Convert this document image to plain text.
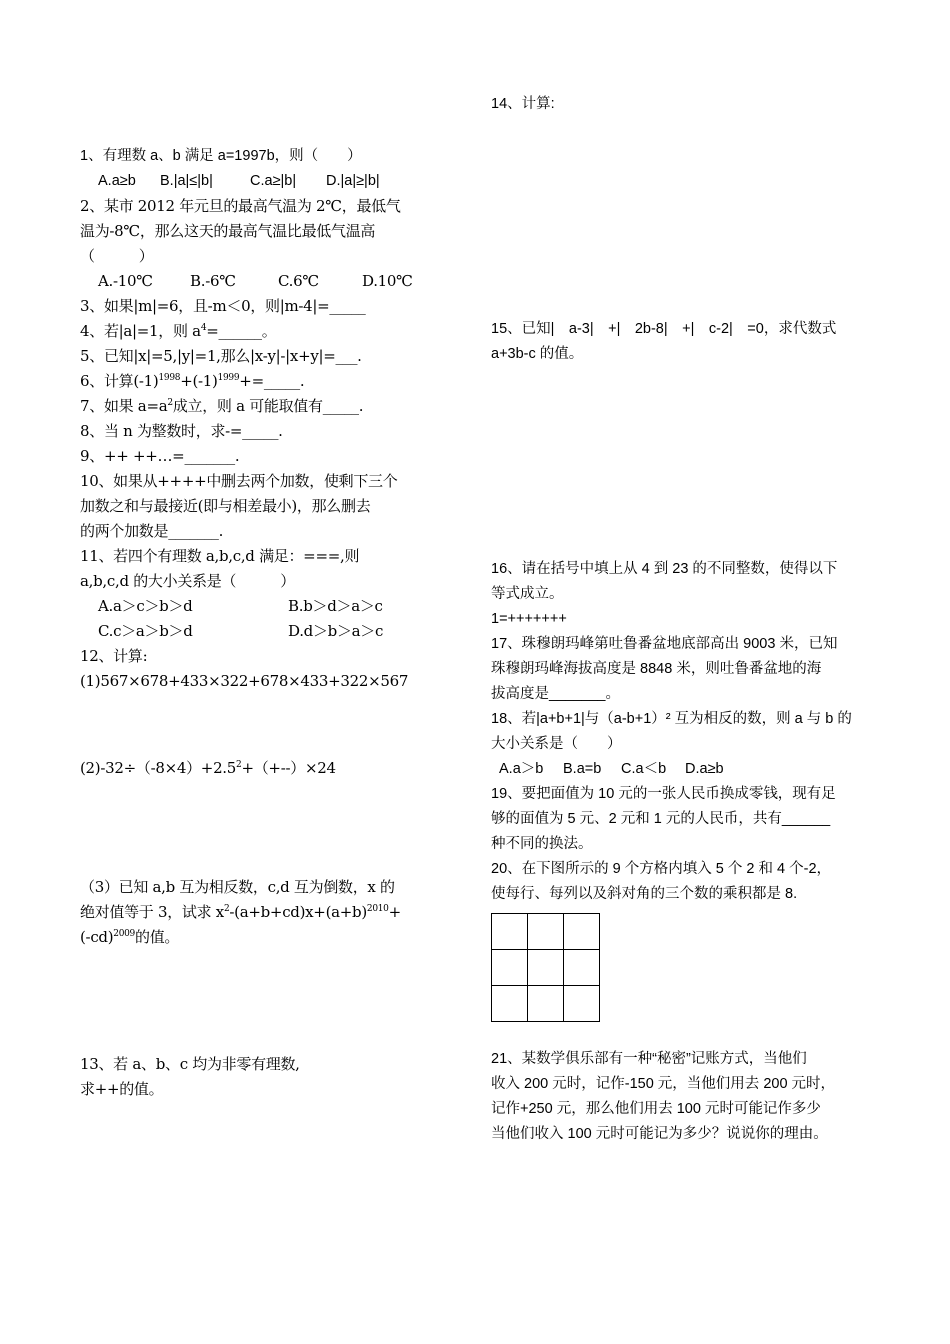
1、有理数 a、b 满足 a=1997b，则（　　）
A.a≥b	B.|a|≤|b|	C.a≥|b|	D.|a|≥|b|
2、某市 2012 年元旦的最高气温为 2℃，最低气
温为-8℃，那么这天的最高气温比最低气温高
（　　　）
A.-10℃	B.-6℃	C.6℃	D.10℃
3、如果|m|=6，且-m＜0，则|m-4|=_____
4、若|a|=1，则 $a^4=\_\_\_\_\_\_$。
5、已知|x|=5,|y|=1,那么|x-y|-|x+y|=___.
6、计算$(-1)^{1998}+(-1)^{1999}+=\_\_\_\_\_$.
7、如果 $a=a^2$成立，则 a 可能取值有_____.
8、当 n 为整数时，求-=_____.
9、++ ++…=_______.
10、如果从++++中删去两个加数，使剩下三个
加数之和与最接近(即与相差最小)，那么删去
的两个加数是_______.
11、若四个有理数 a,b,c,d 满足：===,则
a,b,c,d 的大小关系是（　　　）
A.a＞c＞b＞d	B.b＞d＞a＞c
C.c＞a＞b＞d	D.d＞b＞a＞c
12、计算:
(1)567×678+433×322+678×433+322×567
$(2)-32\div(-8\times 4)+2.5^2+(+--)\times 24$
（3）已知 a,b 互为相反数，c,d 互为倒数，x 的
绝对值等于 3，试求 $x^2-(a+b+cd)x+(a+b)^{2010}+$
$(-cd)^{2009}$的值。
13、若 a、b、c 均为非零有理数,
求++的值。
14、计算:
15、已知|　a-3|　+|　2b-8|　+|　c-2|　=0，求代数式
a+3b-c 的值。
16、请在括号中填上从 4 到 23 的不同整数，使得以下
等式成立。
1=+++++++
17、珠穆朗玛峰第吐鲁番盆地底部高出 9003 米，已知
珠穆朗玛峰海拔高度是 8848 米，则吐鲁番盆地的海
拔高度是_______。
18、若|a+b+1|与（a-b+1）² 互为相反的数，则 a 与 b 的
大小关系是（　　）
A.a＞b	B.a=b	C.a＜b	D.a≥b
19、要把面值为 10 元的一张人民币换成零钱，现有足
够的面值为 5 元、2 元和 1 元的人民币，共有______
种不同的换法。
20、在下图所示的 9 个方格内填入 5 个 2 和 4 个-2，
使每行、每列以及斜对角的三个数的乘积都是 8.

21、某数学俱乐部有一种“秘密”记账方式，当他们
收入 200 元时，记作-150 元，当他们用去 200 元时，
记作+250 元，那么他们用去 100 元时可能记作多少
当他们收入 100 元时可能记为多少？说说你的理由。
